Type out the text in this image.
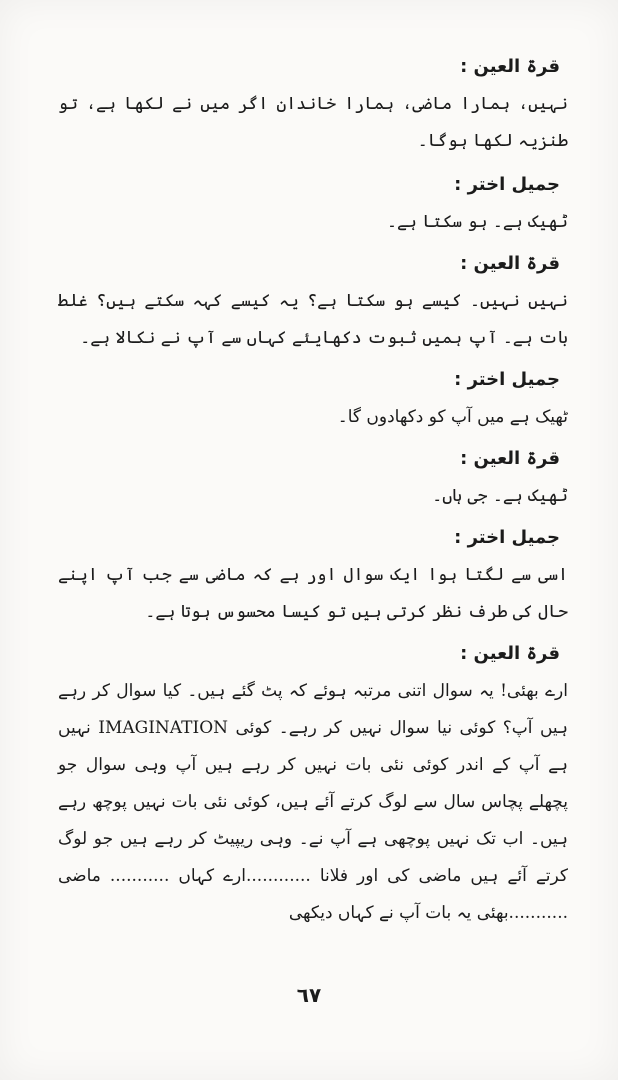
قرۃ العین :
نہیں، ہمارا ماضی، ہمارا خاندان اگر میں نے لکھا ہے، تو طنزیہ لکھا ہوگا۔
جمیل اختر :
ٹھیک ہے۔ ہو سکتا ہے۔
قرۃ العین :
نہیں نہیں۔ کیسے ہو سکتا ہے؟ یہ کیسے کہہ سکتے ہیں؟ غلط بات ہے۔ آپ ہمیں ثبوت دکھایئے کہاں سے آپ نے نکالا ہے۔
جمیل اختر :
ٹھیک ہے میں آپ کو دکھادوں گا۔
قرۃ العین :
ٹھیک ہے۔ جی ہاں۔
جمیل اختر :
اسی سے لگتا ہوا ایک سوال اور ہے کہ ماضی سے جب آپ اپنے حال کی طرف نظر کرتی ہیں تو کیسا محسوس ہوتا ہے۔
قرۃ العین :
ارے بھئی! یہ سوال اتنی مرتبہ ہوئے کہ پٹ گئے ہیں۔ کیا سوال کر رہے ہیں آپ؟ کوئی نیا سوال نہیں کر رہے۔ کوئی IMAGINATION نہیں ہے آپ کے اندر کوئی نئی بات نہیں کر رہے ہیں آپ وہی سوال جو پچھلے پچاس سال سے لوگ کرتے آئے ہیں، کوئی نئی بات نہیں پوچھ رہے ہیں۔ اب تک نہیں پوچھی ہے آپ نے۔ وہی ریپیٹ کر رہے ہیں جو لوگ کرتے آئے ہیں ماضی کی اور فلانا ............ارے کہاں ........... ماضی ...........بھئی یہ بات آپ نے کہاں دیکھی
٦٧
